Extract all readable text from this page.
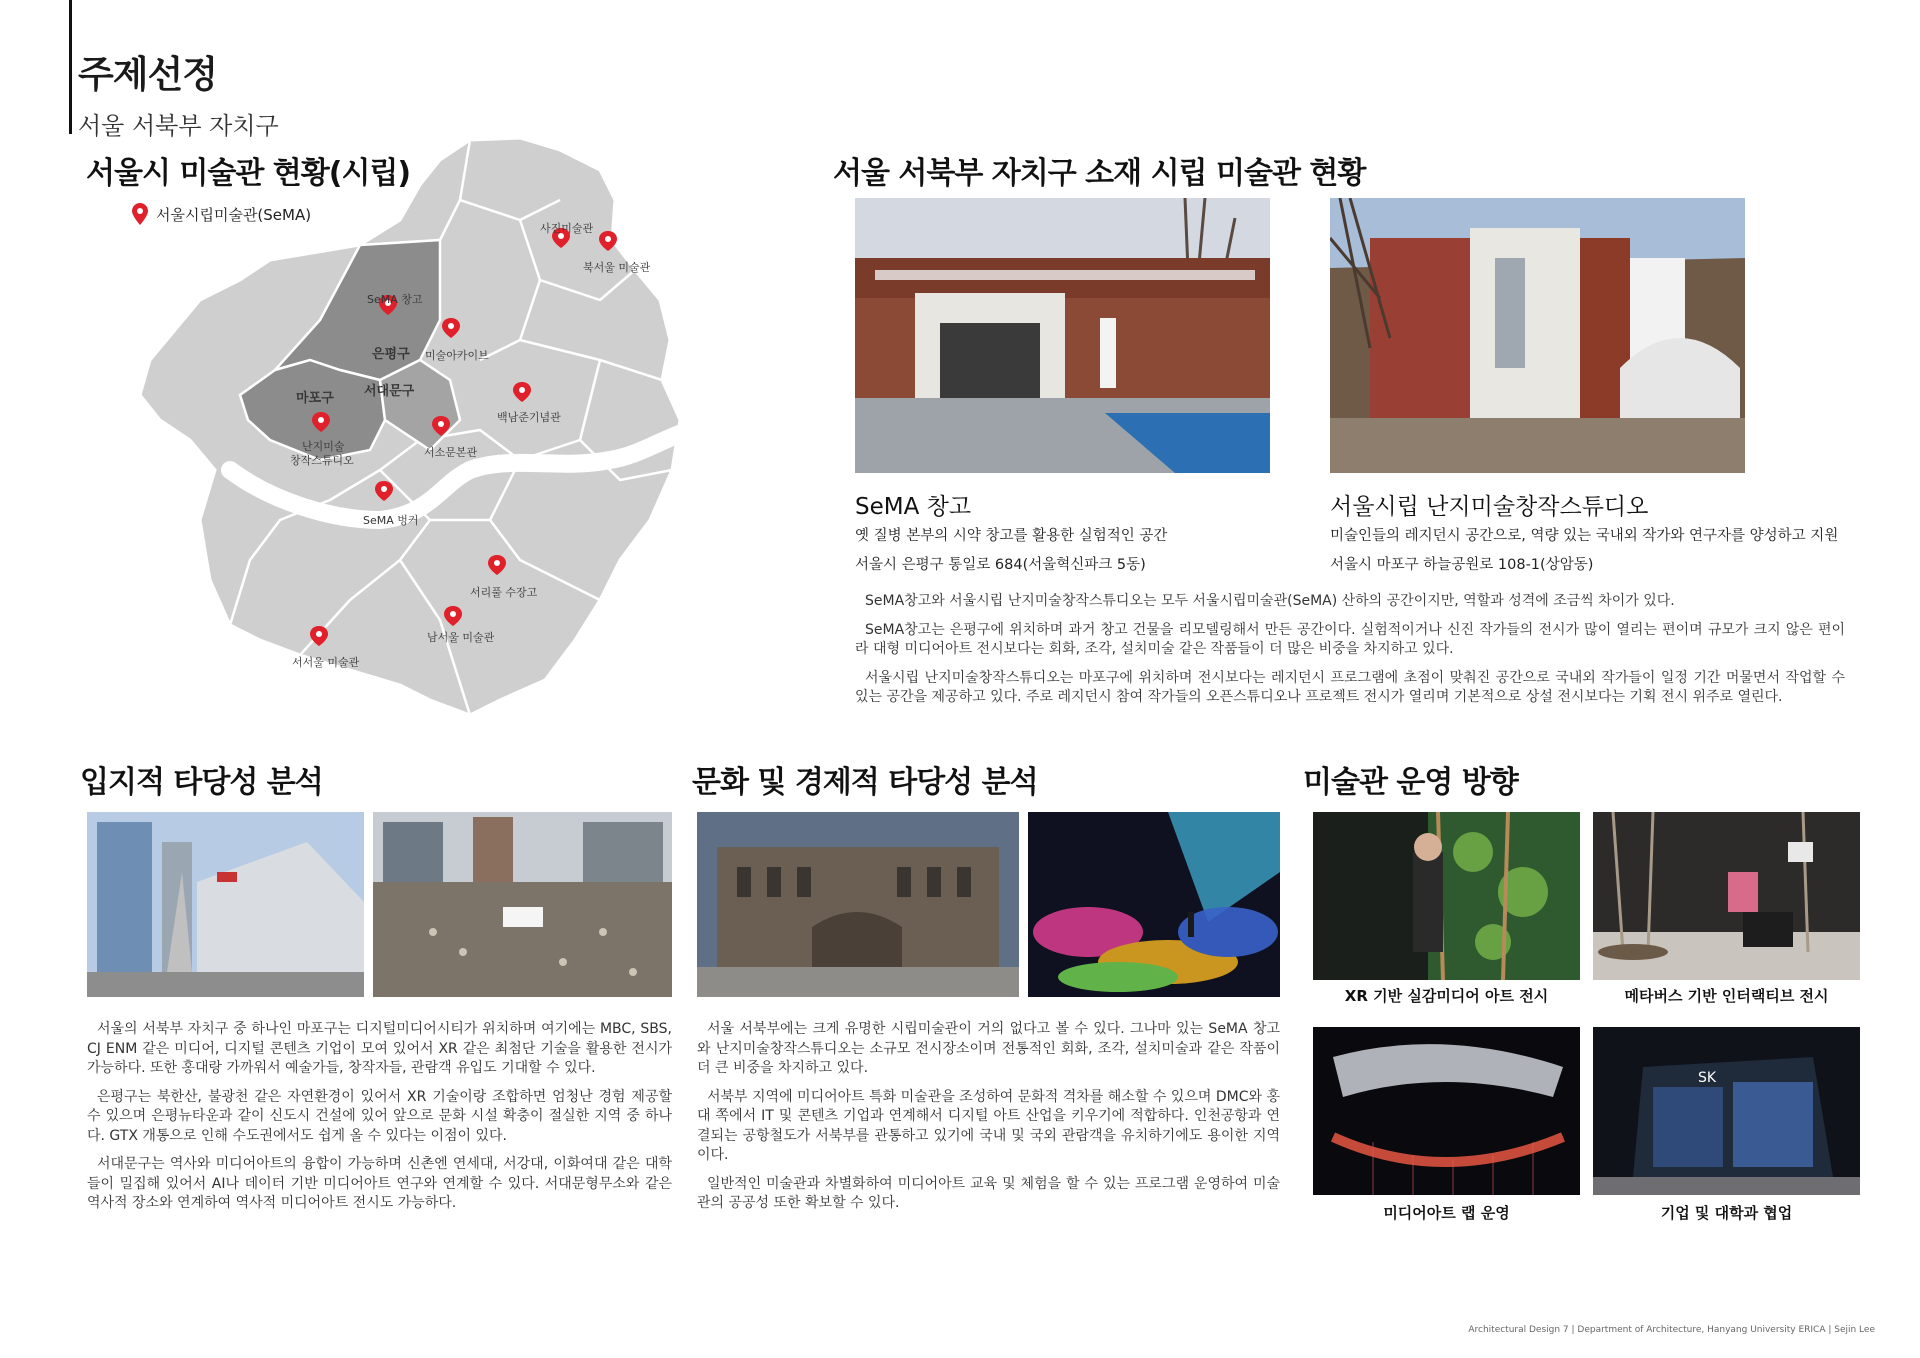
주제선정
서울 서북부 자치구
서울시 미술관 현황(시립)
서울시립미술관(SeMA)
은평구
마포구 서대문구
사진미술관
북서울 미술관
SeMA 창고
미술아카이브
백남준기념관
난지미술
창작스튜디오
서소문본관
SeMA 벙커
서리풀 수장고
남서울 미술관
서서울 미술관
서울 서북부 자치구 소재 시립 미술관 현황
SeMA 창고
옛 질병 본부의 시약 창고를 활용한 실험적인 공간
서울시 은평구 통일로 684(서울혁신파크 5동)
서울시립 난지미술창작스튜디오
미술인들의 레지던시 공간으로, 역량 있는 국내외 작가와 연구자를 양성하고 지원
서울시 마포구 하늘공원로 108-1(상암동)

SeMA창고와 서울시립 난지미술창작스튜디오는 모두 서울시립미술관(SeMA) 산하의 공간이지만, 역할과 성격에 조금씩 차이가 있다.

SeMA창고는 은평구에 위치하며 과거 창고 건물을 리모델링해서 만든 공간이다. 실험적이거나 신진 작가들의 전시가 많이 열리는 편이며 규모가 크지 않은 편이라 대형 미디어아트 전시보다는 회화, 조각, 설치미술 같은 작품들이 더 많은 비중을 차지하고 있다.

서울시립 난지미술창작스튜디오는 마포구에 위치하며 전시보다는 레지던시 프로그램에 초점이 맞춰진 공간으로 국내외 작가들이 일정 기간 머물면서 작업할 수 있는 공간을 제공하고 있다. 주로 레지던시 참여 작가들의 오픈스튜디오나 프로젝트 전시가 열리며 기본적으로 상설 전시보다는 기획 전시 위주로 열린다.

입지적 타당성 분석

서울의 서북부 자치구 중 하나인 마포구는 디지털미디어시티가 위치하며 여기에는 MBC, SBS, CJ ENM 같은 미디어, 디지털 콘텐츠 기업이 모여 있어서 XR 같은 최첨단 기술을 활용한 전시가 가능하다. 또한 홍대랑 가까워서 예술가들, 창작자들, 관람객 유입도 기대할 수 있다.

은평구는 북한산, 불광천 같은 자연환경이 있어서 XR 기술이랑 조합하면 엄청난 경험 제공할 수 있으며 은평뉴타운과 같이 신도시 건설에 있어 앞으로 문화 시설 확충이 절실한 지역 중 하나다. GTX 개통으로 인해 수도권에서도 쉽게 올 수 있다는 이점이 있다.

서대문구는 역사와 미디어아트의 융합이 가능하며 신촌엔 연세대, 서강대, 이화여대 같은 대학들이 밀집해 있어서 AI나 데이터 기반 미디어아트 연구와 연계할 수 있다. 서대문형무소와 같은 역사적 장소와 연계하여 역사적 미디어아트 전시도 가능하다.

문화 및 경제적 타당성 분석

서울 서북부에는 크게 유명한 시립미술관이 거의 없다고 볼 수 있다. 그나마 있는 SeMA 창고와 난지미술창작스튜디오는 소규모 전시장소이며 전통적인 회화, 조각, 설치미술과 같은 작품이 더 큰 비중을 차지하고 있다.

서북부 지역에 미디어아트 특화 미술관을 조성하여 문화적 격차를 해소할 수 있으며 DMC와 홍대 쪽에서 IT 및 콘텐츠 기업과 연계해서 디지털 아트 산업을 키우기에 적합하다. 인천공항과 연결되는 공항철도가 서북부를 관통하고 있기에 국내 및 국외 관람객을 유치하기에도 용이한 지역이다.

일반적인 미술관과 차별화하여 미디어아트 교육 및 체험을 할 수 있는 프로그램 운영하여 미술관의 공공성 또한 확보할 수 있다.

미술관 운영 방향
XR 기반 실감미디어 아트 전시	메타버스 기반 인터랙티브 전시
SK
미디어아트 랩 운영	기업 및 대학과 협업
Architectural Design 7 | Department of Architecture, Hanyang University ERICA | Sejin Lee
